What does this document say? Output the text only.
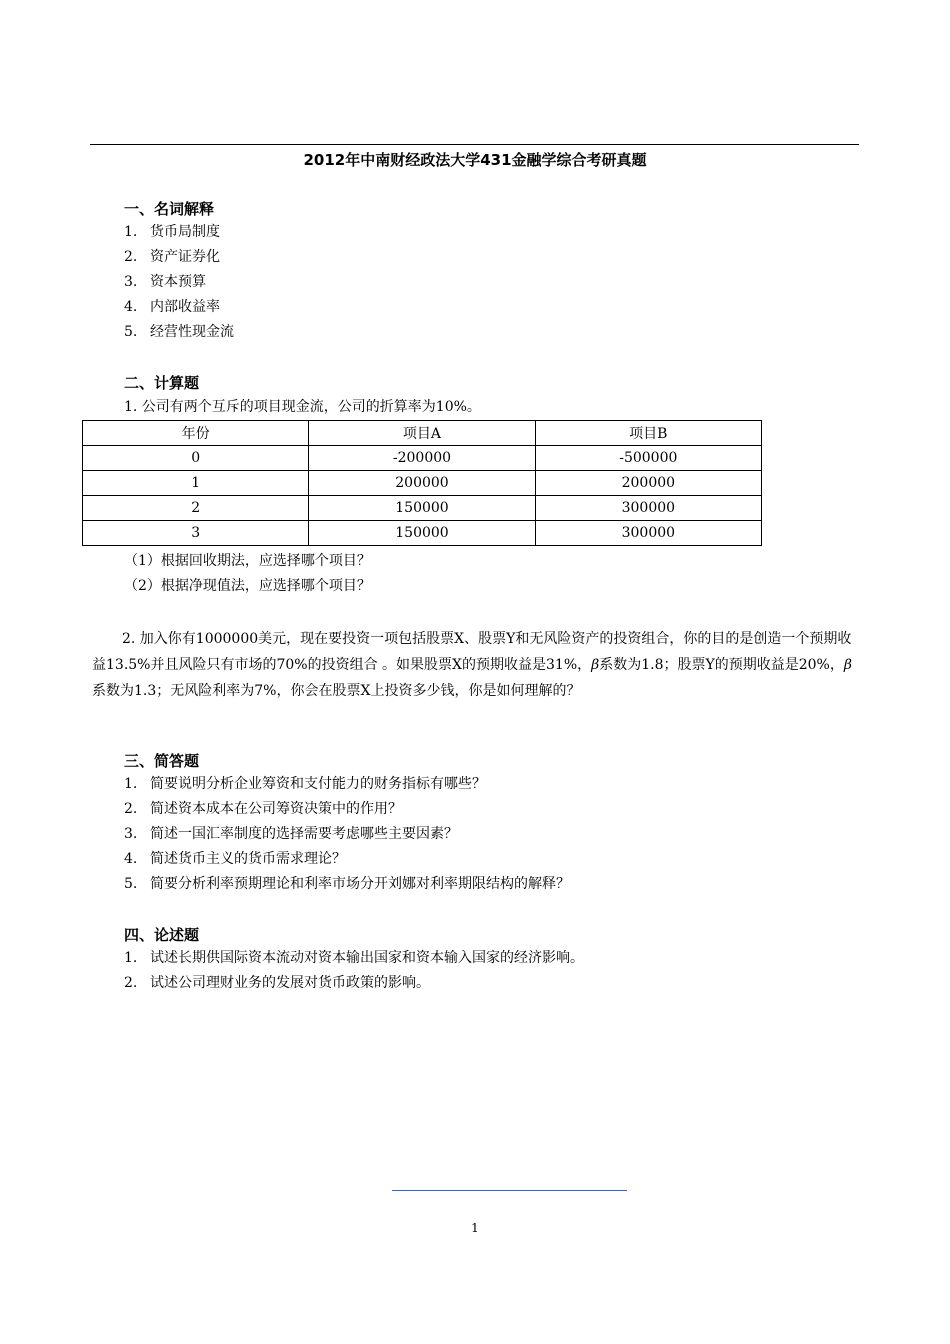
2012年中南财经政法大学431金融学综合考研真题
一、名词解释
1. 货币局制度
2. 资产证券化
3. 资本预算
4. 内部收益率
5. 经营性现金流
二、计算题
1. 公司有两个互斥的项目现金流，公司的折算率为10%。
年份	项目A	项目B
0	-200000	-500000
1	200000	200000
2	150000	300000
3	150000	300000
（1）根据回收期法，应选择哪个项目？
（2）根据净现值法，应选择哪个项目？

2. 加入你有1000000美元，现在要投资一项包括股票X、股票Y和无风险资产的投资组合，你的目的是创造一个预期收益13.5%并且风险只有市场的70%的投资组合 。如果股票X的预期收益是31%，β系数为1.8；股票Y的预期收益是20%，β系数为1.3；无风险利率为7%，你会在股票X上投资多少钱，你是如何理解的？

三、简答题
1. 简要说明分析企业筹资和支付能力的财务指标有哪些？
2. 简述资本成本在公司筹资决策中的作用？
3. 简述一国汇率制度的选择需要考虑哪些主要因素？
4. 简述货币主义的货币需求理论？
5. 简要分析利率预期理论和利率市场分开刘娜对利率期限结构的解释？
四、论述题
1. 试述长期供国际资本流动对资本输出国家和资本输入国家的经济影响。
2. 试述公司理财业务的发展对货币政策的影响。
1
